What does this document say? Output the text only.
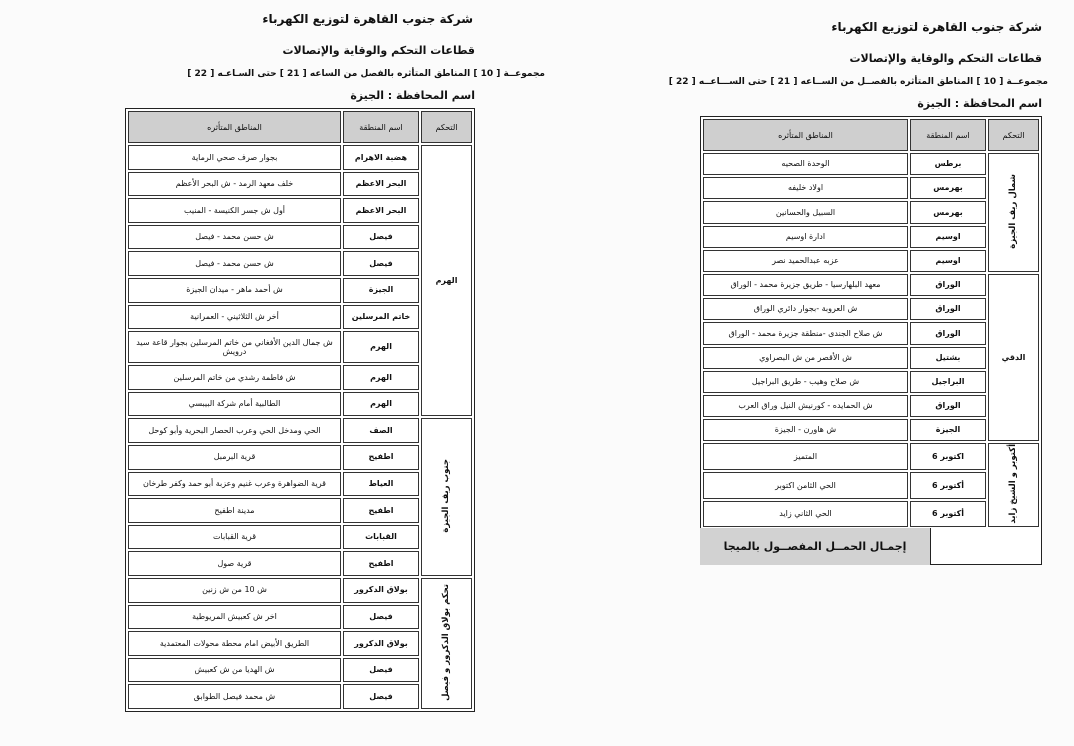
شركة جنوب القاهرة لتوزيع الكهرباء
قطاعات التحكم والوقاية والإتصالات
مجموعــة [ 10 ] المناطق المتأثره بالفصل من الساعه [ 21 ] حتى السـاعـه [ 22 ]
اسم المحافظة : الجيزة
التحكم	اسم المنطقة	المناطق المتأثره
الهرم	هضبة الاهرام	بجوار صرف صحي الرماية
	البحر الاعظم	خلف معهد الرمد - ش البحر الأعظم
	البحر الاعظم	أول ش جسر الكنيسة - المنيب
	فيصل	ش حسن محمد - فيصل
	فيصل	ش حسن محمد - فيصل
	الجيزة	ش أحمد ماهر - ميدان الجيزة
	خاتم المرسلين	أخر ش الثلاثيني - العمرانية
	الهرم	ش جمال الدين الأفغاني من خاتم المرسلين بجوار قاعة سيد درويش
	الهرم	ش فاطمة رشدي من خاتم المرسلين
	الهرم	الطالبية أمام شركة البيبسي
جنوب ريف الجيزة	الصف	الحي ومدخل الحي وعرب الحصار البحرية وأبو كوحل
	اطفيح	قرية البرمبل
	العياط	قرية الضواهرة وعرب غنيم وعزبة أبو حمد وكفر طرخان
	اطفيح	مدينة اطفيح
	القبابات	قرية القبابات
	اطفيح	قرية صول
تحكم بولاق الدكرور و فيصل	بولاق الدكرور	ش 10 من ش زنين
	فيصل	اخر ش كعبيش المريوطية
	بولاق الدكرور	الطريق الأبيض امام محطة محولات المعتمدية
	فيصل	ش الهديا من ش كعبيش
	فيصل	ش محمد فيصل الطوابق
شركة جنوب القاهرة لتوزيع الكهرباء
قطاعات التحكم والوقاية والإتصالات
مجموعــة [ 10 ] المناطق المتأثره بالفصــل من الســاعه [ 21 ] حتى الســـاعــه [ 22 ]
اسم المحافظة : الجيزة
التحكم	اسم المنطقة	المناطق المتأثره
شمال ريف الجيزة	برطس	الوحدة الصحيه
	بهرمس	اولاد خليفه
	بهرمس	السبيل والحسانين
	اوسيم	ادارة اوسيم
	اوسيم	عزبه عبدالحميد نصر
الدقي	الوراق	معهد البلهارسيا - طريق جزيرة محمد - الوراق
	الوراق	ش العروبة -بجوار دائري الوراق
	الوراق	ش صلاح الجندى -منطقة جزيرة محمد - الوراق
	بشتيل	ش الأقصر من ش البصراوي
	البراجيل	ش صلاح وهيب - طريق البراجيل
	الوراق	ش الحمايده - كورنيش النيل وراق العرب
	الجيزة	ش هاورن - الجيزة
أكتوبر و الشيخ زايد	اكتوبر 6	المتميز
	أكتوبر 6	الحي الثامن اكتوبر
	أكتوبر 6	الحي الثاني زايد
	إجمـال الحمــل المفصــول بالميجا
